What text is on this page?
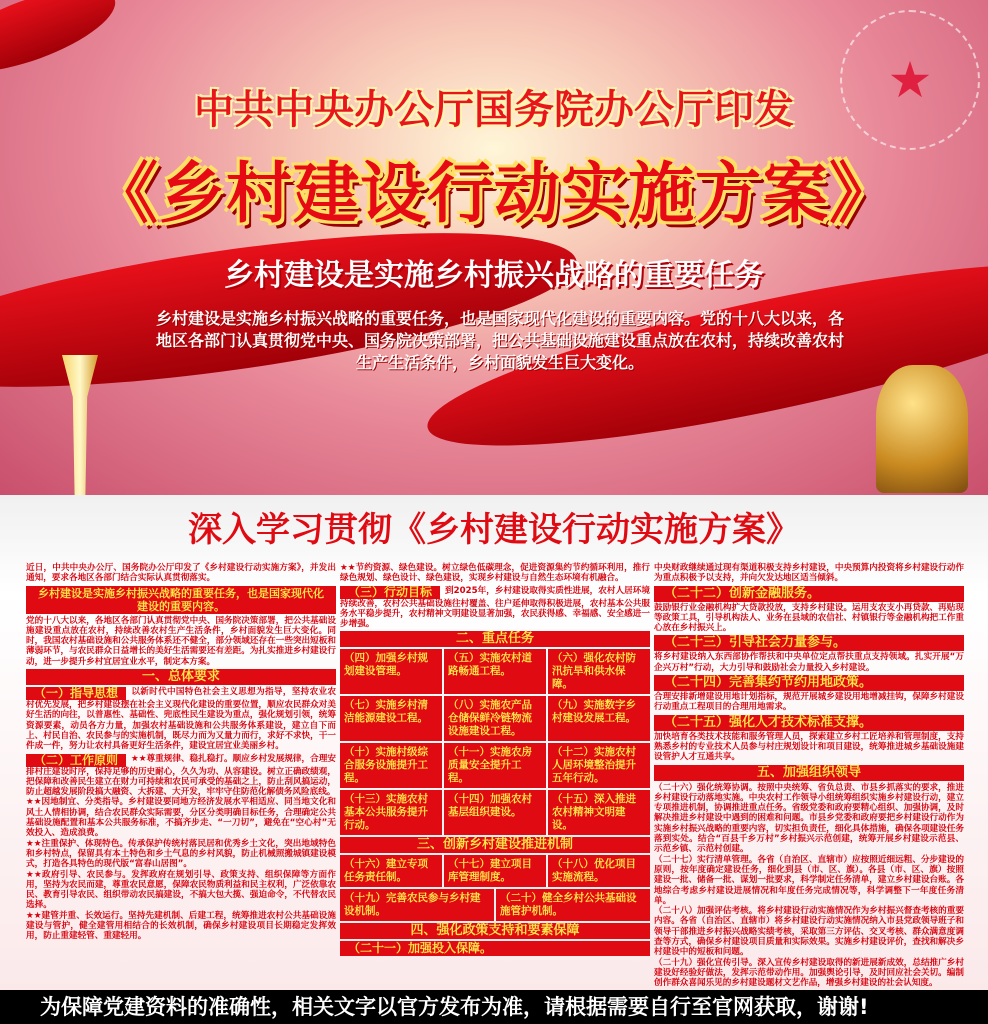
★
中共中央办公厅国务院办公厅印发
《乡村建设行动实施方案》
乡村建设是实施乡村振兴战略的重要任务
乡村建设是实施乡村振兴战略的重要任务，也是国家现代化建设的重要内容。党的十八大以来，各地区各部门认真贯彻党中央、国务院决策部署，把公共基础设施建设重点放在农村，持续改善农村生产生活条件，乡村面貌发生巨大变化。
深入学习贯彻《乡村建设行动实施方案》

近日，中共中央办公厅、国务院办公厅印发了《乡村建设行动实施方案》，并发出通知，要求各地区各部门结合实际认真贯彻落实。

乡村建设是实施乡村振兴战略的重要任务，也是国家现代化建设的重要内容。

党的十八大以来，各地区各部门认真贯彻党中央、国务院决策部署，把公共基础设施建设重点放在农村，持续改善农村生产生活条件，乡村面貌发生巨大变化。同时，我国农村基础设施和公共服务体系还不健全，部分领域还存在一些突出短板和薄弱环节，与农民群众日益增长的美好生活需要还有差距。为扎实推进乡村建设行动，进一步提升乡村宜居宜业水平，制定本方案。

一、总体要求

（一）指导思想 以新时代中国特色社会主义思想为指导，坚持农业农村优先发展，把乡村建设摆在社会主义现代化建设的重要位置，顺应农民群众对美好生活的向往，以普惠性、基础性、兜底性民生建设为重点，强化规划引领，统筹资源要素，动员各方力量，加强农村基础设施和公共服务体系建设，建立自下而上、村民自治、农民参与的实施机制，既尽力而为又量力而行，求好不求快，干一件成一件，努力让农村具备更好生活条件，建设宜居宜业美丽乡村。

（二）工作原则 ★★尊重规律、稳扎稳打。顺应乡村发展规律，合理安排村庄建设时序，保持足够的历史耐心，久久为功、从容建设。树立正确政绩观，把保障和改善民生建立在财力可持续和农民可承受的基础之上，防止刮风搞运动，防止超越发展阶段搞大融资、大拆建、大开发，牢牢守住防范化解债务风险底线。

★★因地制宜、分类指导。乡村建设要同地方经济发展水平相适应、同当地文化和风土人情相协调，结合农民群众实际需要，分区分类明确目标任务，合理确定公共基础设施配置和基本公共服务标准，不搞齐步走、“一刀切”，避免在“空心村”无效投入、造成浪费。

★★注重保护、体现特色。传承保护传统村落民居和优秀乡土文化，突出地域特色和乡村特点，保留具有本土特色和乡土气息的乡村风貌，防止机械照搬城镇建设模式，打造各具特色的现代版“富春山居图”。

★★政府引导、农民参与。发挥政府在规划引导、政策支持、组织保障等方面作用，坚持为农民而建，尊重农民意愿，保障农民物质利益和民主权利，广泛依靠农民、教育引导农民、组织带动农民搞建设，不搞大包大揽、强迫命令，不代替农民选择。

★★建管并重、长效运行。坚持先建机制、后建工程，统筹推进农村公共基础设施建设与管护，健全建管用相结合的长效机制，确保乡村建设项目长期稳定发挥效用，防止重建轻管、重建轻用。

★★节约资源、绿色建设。树立绿色低碳理念，促进资源集约节约循环利用，推行绿色规划、绿色设计、绿色建设，实现乡村建设与自然生态环境有机融合。

（三）行动目标 到2025年，乡村建设取得实质性进展，农村人居环境持续改善，农村公共基础设施往村覆盖、往户延伸取得积极进展，农村基本公共服务水平稳步提升，农村精神文明建设显著加强，农民获得感、幸福感、安全感进一步增强。

二、重点任务
（四）加强乡村规划建设管理。
（五）实施农村道路畅通工程。
（六）强化农村防汛抗旱和供水保障。
（七）实施乡村清洁能源建设工程。
（八）实施农产品仓储保鲜冷链物流设施建设工程。
（九）实施数字乡村建设发展工程。
（十）实施村级综合服务设施提升工程。
（十一）实施农房质量安全提升工程。
（十二）实施农村人居环境整治提升五年行动。
（十三）实施农村基本公共服务提升行动。
（十四）加强农村基层组织建设。
（十五）深入推进农村精神文明建设。
三、创新乡村建设推进机制
（十六）建立专项任务责任制。
（十七）建立项目库管理制度。
（十八）优化项目实施流程。
（十九）完善农民参与乡村建设机制。
（二十）健全乡村公共基础设施管护机制。
四、强化政策支持和要素保障
（二十一）加强投入保障。

中央财政继续通过现有渠道积极支持乡村建设，中央预算内投资将乡村建设行动作为重点积极予以支持，并向欠发达地区适当倾斜。

（二十二）创新金融服务。

鼓励银行业金融机构扩大贷款投放，支持乡村建设。运用支农支小再贷款、再贴现等政策工具，引导机构法人、业务在县域的农信社、村镇银行等金融机构把工作重心放在乡村振兴上。

（二十三）引导社会力量参与。

将乡村建设纳入东西部协作帮扶和中央单位定点帮扶重点支持领域。扎实开展“万企兴万村”行动，大力引导和鼓励社会力量投入乡村建设。

（二十四）完善集约节约用地政策。

合理安排新增建设用地计划指标，规范开展城乡建设用地增减挂钩，保障乡村建设行动重点工程项目的合理用地需求。

（二十五）强化人才技术标准支撑。

加快培育各类技术技能和服务管理人员，探索建立乡村工匠培养和管理制度，支持熟悉乡村的专业技术人员参与村庄规划设计和项目建设，统筹推进城乡基础设施建设管护人才互通共享。

五、加强组织领导

（二十六）强化统筹协调。按照中央统筹、省负总责、市县乡抓落实的要求，推进乡村建设行动落地实施。中央农村工作领导小组统筹组织实施乡村建设行动，建立专项推进机制，协调推进重点任务。省级党委和政府要精心组织、加强协调，及时解决推进乡村建设中遇到的困难和问题。市县乡党委和政府要把乡村建设行动作为实施乡村振兴战略的重要内容，切实担负责任，细化具体措施，确保各项建设任务落到实处。结合“百县千乡万村”乡村振兴示范创建，统筹开展乡村建设示范县、示范乡镇、示范村创建。

（二十七）实行清单管理。各省（自治区、直辖市）应按照近细远粗、分步建设的原则，按年度确定建设任务，细化到县（市、区、旗）。各县（市、区、旗）按照建设一批、储备一批、谋划一批要求，科学制定任务清单，建立乡村建设台账。各地综合考虑乡村建设进展情况和年度任务完成情况等，科学调整下一年度任务清单。

（二十八）加强评估考核。将乡村建设行动实施情况作为乡村振兴督查考核的重要内容。各省（自治区、直辖市）将乡村建设行动实施情况纳入市县党政领导班子和领导干部推进乡村振兴战略实绩考核，采取第三方评估、交叉考核、群众满意度调查等方式，确保乡村建设项目质量和实际效果。实施乡村建设评价，查找和解决乡村建设中的短板和问题。

（二十九）强化宣传引导。深入宣传乡村建设取得的新进展新成效，总结推广乡村建设好经验好做法，发挥示范带动作用。加强舆论引导，及时回应社会关切。编制创作群众喜闻乐见的乡村建设题材文艺作品，增强乡村建设的社会认知度。

为保障党建资料的准确性，相关文字以官方发布为准，请根据需要自行至官网获取，谢谢!
